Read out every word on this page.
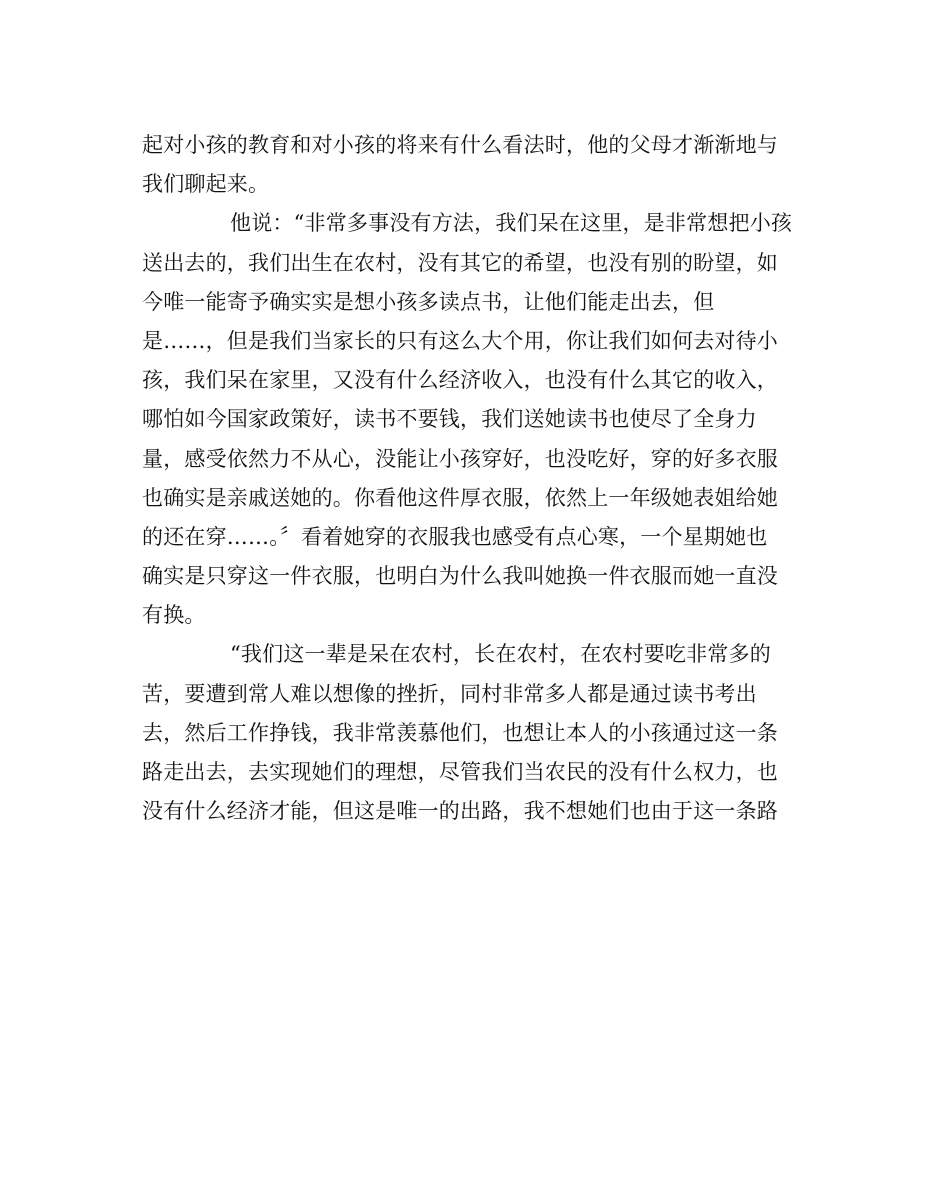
起对小孩的教育和对小孩的将来有什么看法时，他的父母才渐渐地与
我们聊起来。
他说：“非常多事没有方法，我们呆在这里，是非常想把小孩
送出去的，我们出生在农村，没有其它的希望，也没有别的盼望，如
今唯一能寄予确实实是想小孩多读点书，让他们能走出去，但
是……，但是我们当家长的只有这么大个用，你让我们如何去对待小
孩，我们呆在家里，又没有什么经济收入，也没有什么其它的收入，
哪怕如今国家政策好，读书不要钱，我们送她读书也使尽了全身力
量，感受依然力不从心，没能让小孩穿好，也没吃好，穿的好多衣服
也确实是亲戚送她的。你看他这件厚衣服，依然上一年级她表姐给她
的还在穿……。〞看着她穿的衣服我也感受有点心寒，一个星期她也
确实是只穿这一件衣服，也明白为什么我叫她换一件衣服而她一直没
有换。
“我们这一辈是呆在农村，长在农村，在农村要吃非常多的
苦，要遭到常人难以想像的挫折，同村非常多人都是通过读书考出
去，然后工作挣钱，我非常羡慕他们，也想让本人的小孩通过这一条
路走出去，去实现她们的理想，尽管我们当农民的没有什么权力，也
没有什么经济才能，但这是唯一的出路，我不想她们也由于这一条路
